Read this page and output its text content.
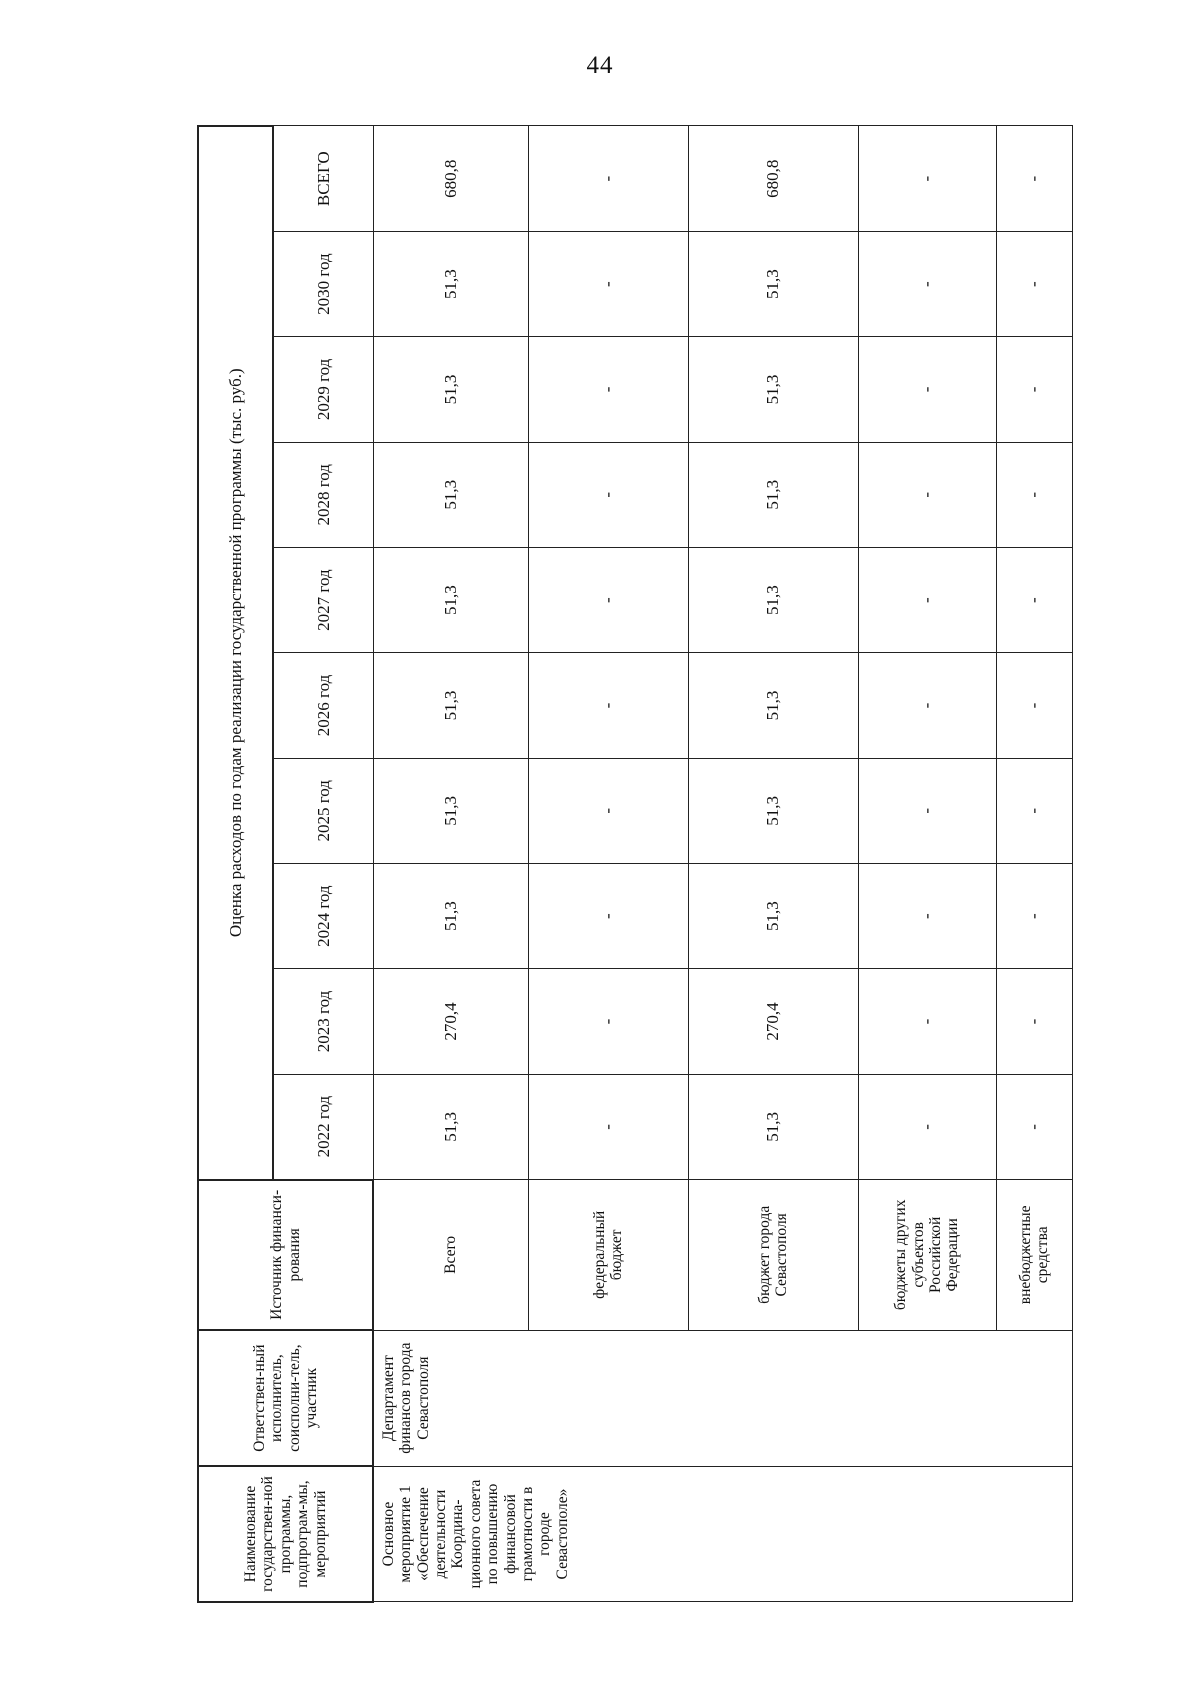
44
Наименование государствен-ной программы, подпрограм-мы, мероприятий	Ответствен-ный исполнитель, соисполни-тель, участник	Источник финанси-рования	Оценка расходов по годам реализации государственной программы (тыс. руб.)									
			2022 год	2023 год	2024 год	2025 год	2026 год	2027 год	2028 год	2029 год	2030 год	ВСЕГО
Основное мероприятие 1 «Обеспечение деятельности Координа-ционного совета по повышению финансовой грамотности в городе Севастополе»	Департамент финансов города Севастополя	Всего	51,3	270,4	51,3	51,3	51,3	51,3	51,3	51,3	51,3	680,8
		федеральный бюджет	-	-	-	-	-	-	-	-	-	-
		бюджет города Севастополя	51,3	270,4	51,3	51,3	51,3	51,3	51,3	51,3	51,3	680,8
		бюджеты других субъектов Российской Федерации	-	-	-	-	-	-	-	-	-	-
		внебюджетные средства	-	-	-	-	-	-	-	-	-	-
